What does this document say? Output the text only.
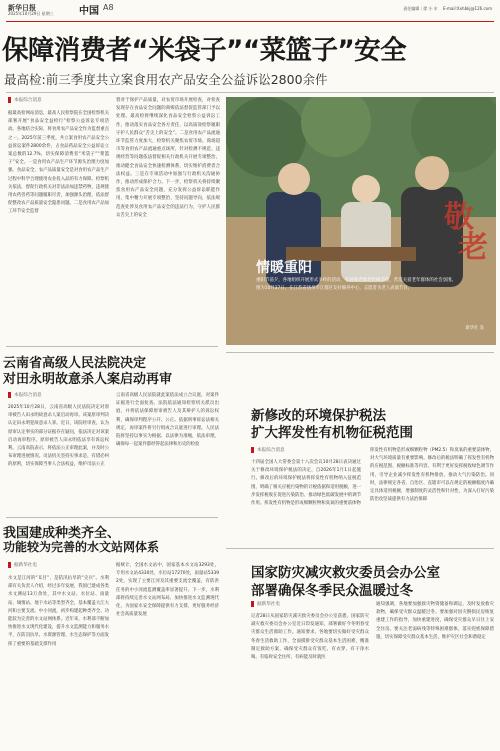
新华日报
2025年10月29日 星期三	中国 A8	责任编辑｜徐 小 车　 E-mail:Xxhbkj@126.com
保障消费者“米袋子”“菜篮子”安全
最高检:前三季度共立案食用农产品安全公益诉讼2800余件
本报综合消息
据最高检网站消息，最高人民检察院在全国检察机关部署开展“食品安全益检行”检察公益诉讼专项活动。各地结合实际，将食用农产品安全作为监督重点之一。2025年前三季度，共立案食用农产品安全公益诉讼案件2800余件，占食品药品安全公益诉讼立案总数的12.7%，切实保障消费者“米袋子”“菜篮子”安全。一是食用农产品生产环节源头治理力度加强。食品安全，农产品质量安全是对食用农产品生产过程中科学合理使用农业投入品的有力保障。检察机关依法，督促行政机关对非法添加违禁药物、违规使用农药兽药等问题履职尽责，加强源头治理，依法督促整改农产品质量安全隐患问题。二是食用农产品加工环节安全监督
督对于保护产品质量，对农贸市场开展检查，对检查发现存在食品安全问题的商贩依法督促监管部门予以处理。最高检将继续深化食品安全检察公益诉讼工作，推动落实食品安全各方责任，以高质效检察履职守护人民群众“舌尖上的安全”。二是食用农产品流通环节监管力度加大，检察机关聚焦农贸市场、商场超市等食用农产品流通重点场所，针对检测不规范、违规经营等问题依法督促相关行政机关开展专项整治，推动健全食品安全快速检测体系，切实维护消费者合法权益。三是在专项活动中加强与行政机关沟通协作，推动形成保护合力。下一步，检察机关将持续聚焦食用农产品安全问题，充分发挥公益诉讼职能作用，集中精力开展专项整治，坚持问题导向，依法规范查处涉及食用农产品安全的违法行为，守护人民群众舌尖上的安全	敬
老
情暖重阳
重阳节前夕，各地组织开展形式多样的活动，弘扬尊老敬老传统美德，营造关爱老年群体的社会氛围。图为10月27日，在江苏省扬州市江都区友好颐养中心，志愿者为老人表演节目。
新华社 发
云南省高级人民法院决定
对田永明故意杀人案启动再审
本报综合消息
2025年10月28日，云南省高级人民法院决定对原审被告人田永明故意杀人案启动再审。该案原审判决认定田永明犯故意杀人罪。近日，该院经审查，认为原审认定事实的部分证据存在疑问，依法决定对该案启动再审程序。原审被告人田永明依法享有诉讼权利。云南高院表示，将依法公正审理此案，并及时公布审理进展情况。司法机关坚持实事求是、有错必纠的原则，切实保障当事人合法权益，维护司法公正
云南省高级人民法院就此案依法成立合议庭，对案件证据进行全面复查。法院依法通知检察机关派员出庭，并将依法保障原审被告人及其辩护人的诉讼权利，确保审判程序公开、公正。依据刑事诉讼法相关规定，再审案件将另行组成合议庭进行审理。人民法院将坚持以事实为根据、以法律为准绳，依法审理，确保每一起案件都经得起法律和历史的检验
我国建成种类齐全、
功能较为完善的水文站网体系
据新华社电
水文是江河的“耳目”，是防汛抗旱的“尖兵”。水利部有关负责人介绍，经过多年发展，我国已建成各类水文测站13万余处，其中水文站、水位站、雨量站、墒情站、地下水站等类型齐全，基本覆盖大江大河和主要支流、中小河流，初步构建起种类齐全、功能较为完善的水文站网体系。近年来，水利部不断加快推进水文现代化建设，提升水文监测能力和服务水平，在防汛抗旱、水资源管理、水生态保护等方面发挥了重要的基础支撑作用
据统计，全国水文站中，国家基本水文站3293处，专用水文站4330处，水位站17270处，雨量站53392处，实现了主要江河及其重要支流全覆盖，有防洪任务的中小河流监测覆盖率显著提升。下一步，水利部将持续完善水文站网布局，加快推进水文监测现代化，为国家水安全保障提供有力支撑，更好服务经济社会高质量发展
新修改的环境保护税法
扩大挥发性有机物征税范围
本报综合消息
十四届全国人大常委会第十八次会议10月28日表决通过关于修改环境保护税法的决定，自2026年1月1日起施行。修改后的环境保护税法将挥发性有机物纳入征税范围，明确了相关应税污染物的计税依据和适用税额，进一步发挥税收在促进污染防治、推动绿色低碳发展中的调节作用。挥发性有机物是形成细颗粒物和臭氧的重要前体物
挥发性有机物是形成细颗粒物（PM2.5）和臭氧的重要前体物，对大气环境质量有重要影响。修改后的税法明确了挥发性有机物的应税范围、税额标准等内容，有利于更好发挥税收绿色调节作用，引导企业减少挥发性有机物排放，推动大气污染防治。同时，法律规定各省、自治区、直辖市可以在规定的税额幅度内确定具体适用税额，增强制度的灵活性和针对性，为深入打好污染防治攻坚战提供有力法治保障
国家防灾减灾救灾委员会办公室
部署确保冬季民众温暖过冬
据新华社电
记者28日从国家防灾减灾救灾委员会办公室获悉，国家防灾减灾救灾委员会办公室近日印发通知，部署做好今冬明春受灾群众生活救助工作。通知要求，各地要切实做好受灾群众冬春生活救助工作，全面摸排受灾群众基本生活困难，精准制定救助方案，确保受灾群众有饭吃、有衣穿、有干净水喝、有临时安全住所、有病能及时就医
通知强调，各地要加强救灾物资储备和调运，及时发放救灾款物，确保受灾群众温暖过冬。要加强对因灾倒损民房恢复重建工作的指导，加快重建进度，确保受灾群众早日住上安全住房。要关注老弱病残等特殊困难群体，落实兜底保障措施，切实保障受灾群众基本生活，维护灾区社会和谐稳定
